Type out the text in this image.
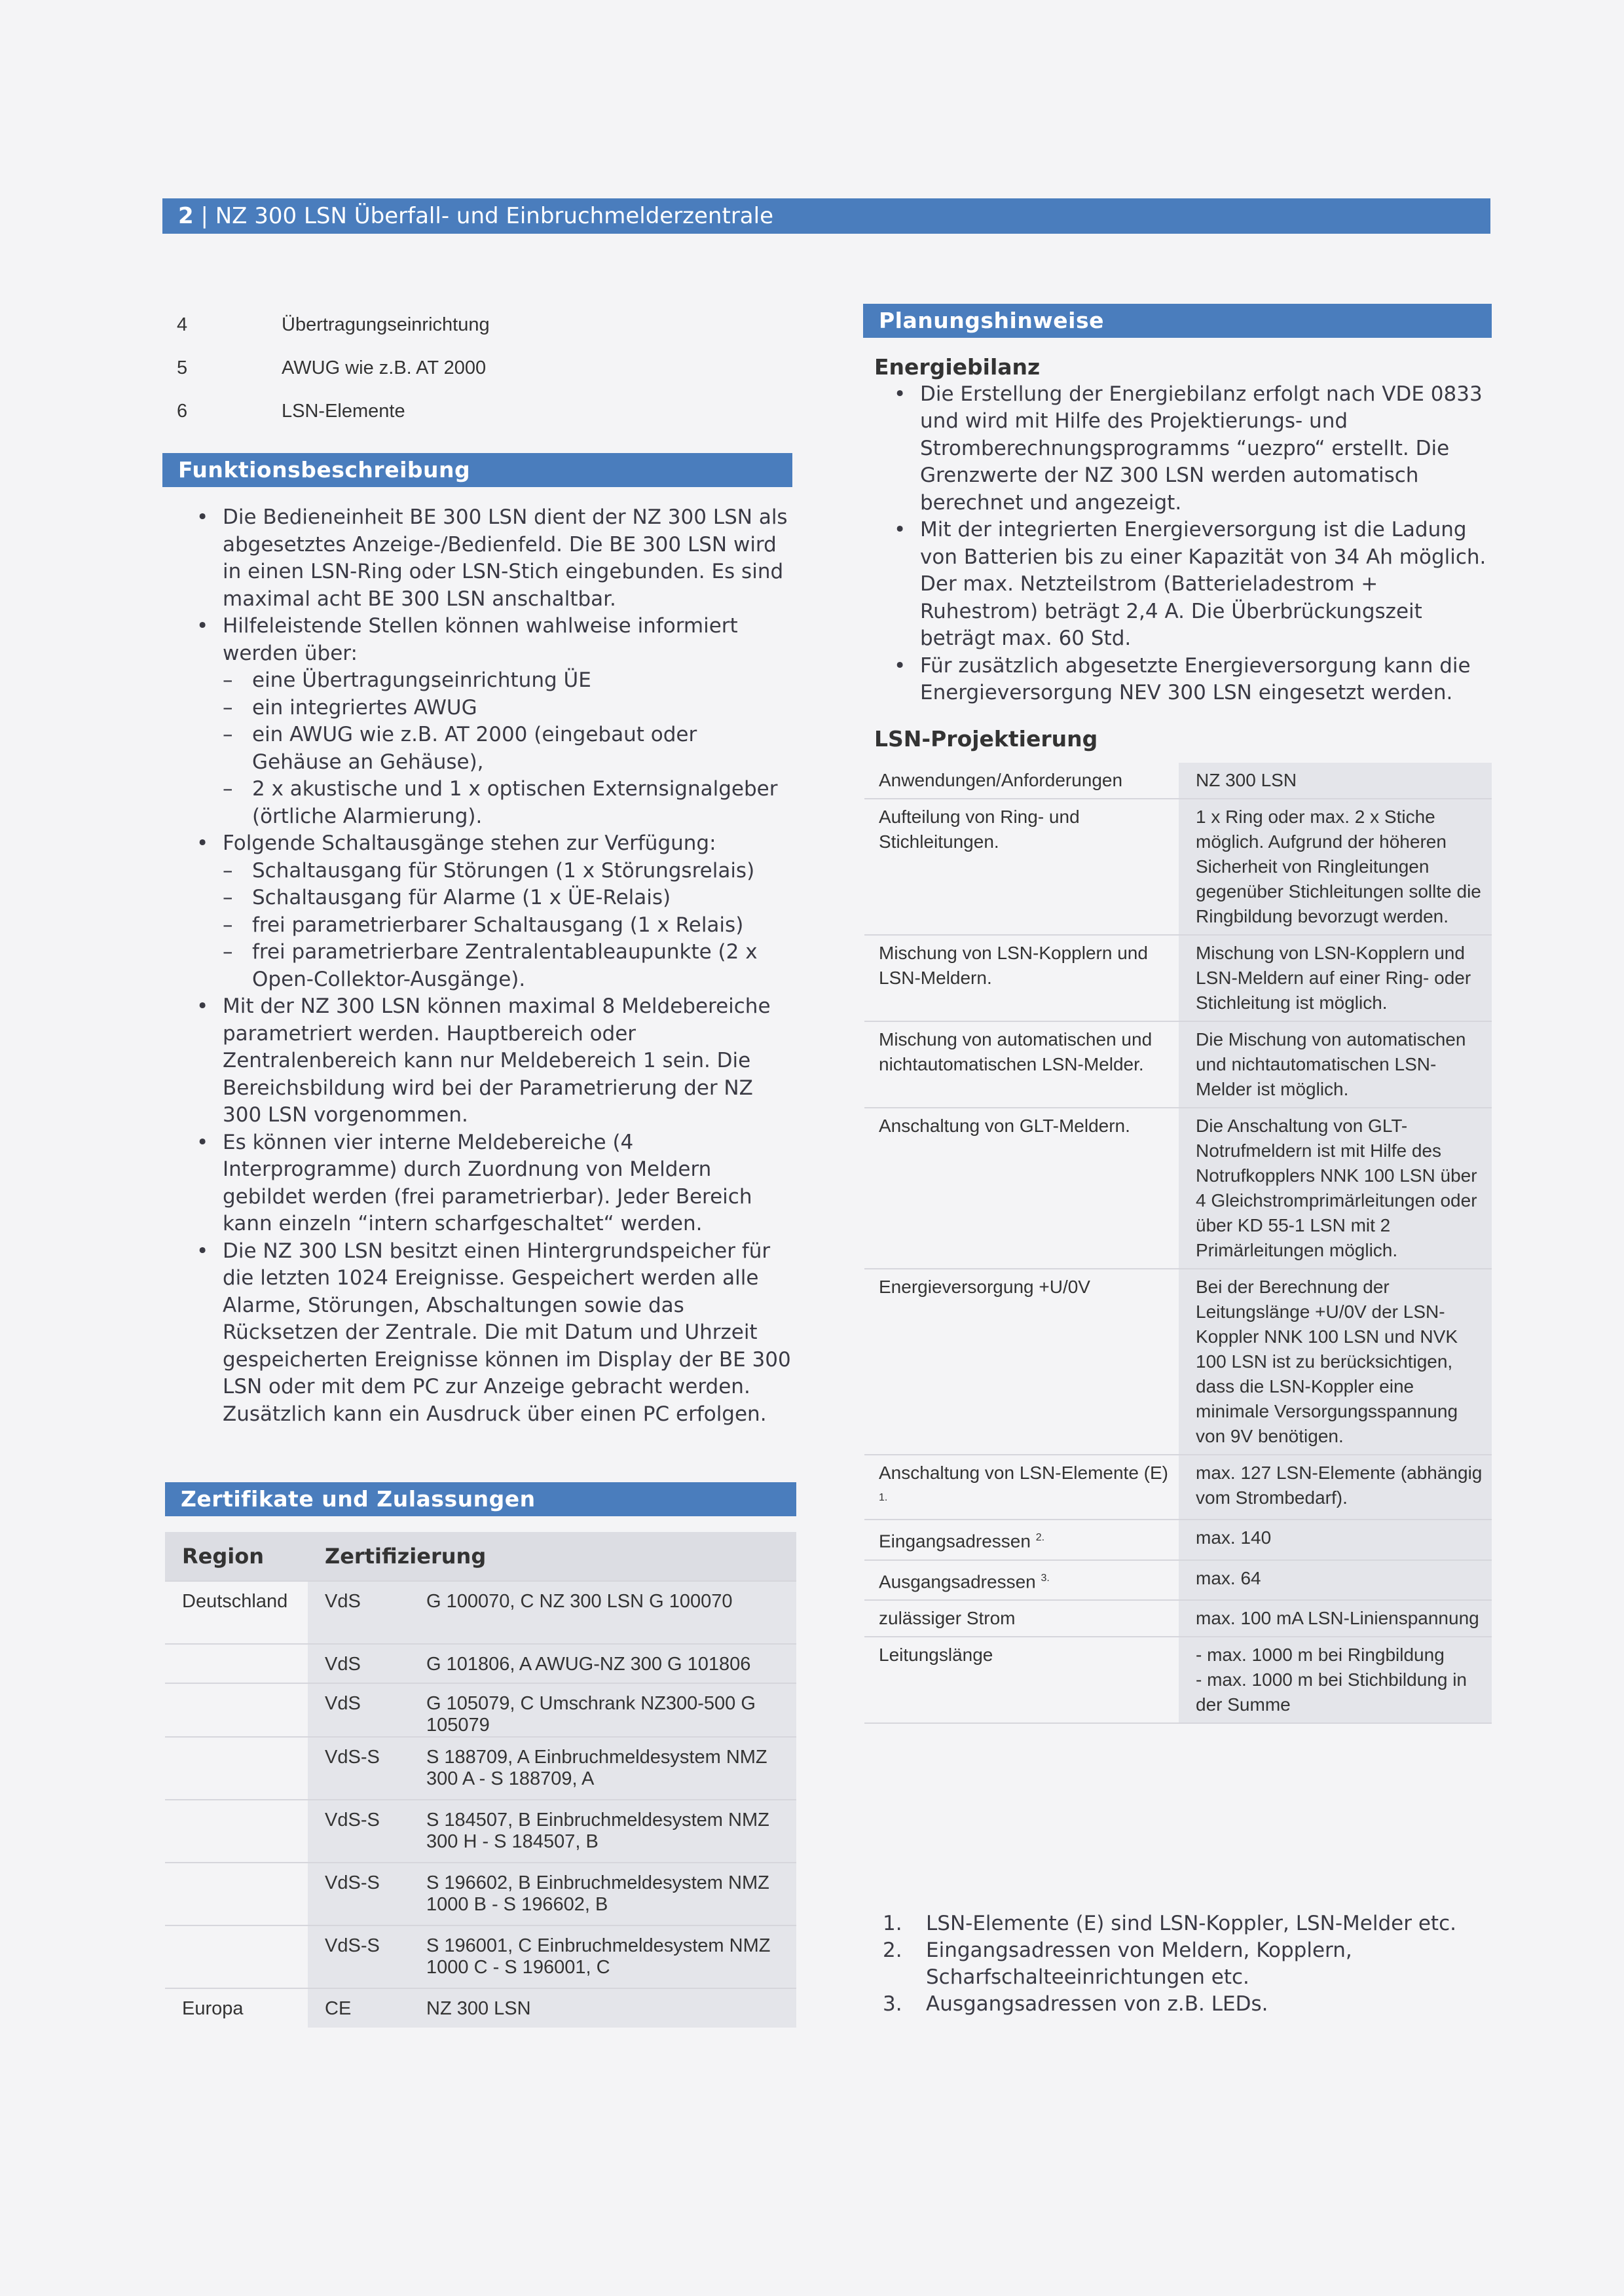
2 | NZ 300 LSN Überfall- und Einbruchmelderzentrale
4	Übertragungseinrichtung
5	AWUG wie z.B. AT 2000
6	LSN-Elemente
Funktionsbeschreibung
• Die Bedieneinheit BE 300 LSN dient der NZ 300 LSN als abgesetztes Anzeige-/Bedienfeld. Die BE 300 LSN wird in einen LSN-Ring oder LSN-Stich eingebunden. Es sind maximal acht BE 300 LSN anschaltbar.
• Hilfeleistende Stellen können wahlweise informiert werden über:
– eine Übertragungseinrichtung ÜE
– ein integriertes AWUG
– ein AWUG wie z.B. AT 2000 (eingebaut oder Gehäuse an Gehäuse),
– 2 x akustische und 1 x optischen Externsignalgeber (örtliche Alarmierung).
• Folgende Schaltausgänge stehen zur Verfügung:
– Schaltausgang für Störungen (1 x Störungsrelais)
– Schaltausgang für Alarme (1 x ÜE-Relais)
– frei parametrierbarer Schaltausgang (1 x Relais)
– frei parametrierbare Zentralentableaupunkte (2 x Open-Collektor-Ausgänge).
• Mit der NZ 300 LSN können maximal 8 Meldebereiche parametriert werden. Hauptbereich oder Zentralenbereich kann nur Meldebereich 1 sein. Die Bereichsbildung wird bei der Parametrierung der NZ 300 LSN vorgenommen.
• Es können vier interne Meldebereiche (4 Interprogramme) durch Zuordnung von Meldern gebildet werden (frei parametrierbar). Jeder Bereich kann einzeln “intern scharfgeschaltet“ werden.
• Die NZ 300 LSN besitzt einen Hintergrundspeicher für die letzten 1024 Ereignisse. Gespeichert werden alle Alarme, Störungen, Abschaltungen sowie das Rücksetzen der Zentrale. Die mit Datum und Uhrzeit gespeicherten Ereignisse können im Display der BE 300 LSN oder mit dem PC zur Anzeige gebracht werden. Zusätzlich kann ein Ausdruck über einen PC erfolgen.
Zertifikate und Zulassungen
Region	Zertifizierung	
Deutschland	VdS	G 100070, C NZ 300 LSN G 100070
	VdS	G 101806, A AWUG-NZ 300 G 101806
	VdS	G 105079, C Umschrank NZ300-500 G 105079
	VdS-S	S 188709, A Einbruchmeldesystem NMZ 300 A - S 188709, A
	VdS-S	S 184507, B Einbruchmeldesystem NMZ 300 H - S 184507, B
	VdS-S	S 196602, B Einbruchmeldesystem NMZ 1000 B - S 196602, B
	VdS-S	S 196001, C Einbruchmeldesystem NMZ 1000 C - S 196001, C
Europa	CE	NZ 300 LSN
Planungshinweise
Energiebilanz
• Die Erstellung der Energiebilanz erfolgt nach VDE 0833 und wird mit Hilfe des Projektierungs- und Stromberechnungsprogramms “uezpro“ erstellt. Die Grenzwerte der NZ 300 LSN werden automatisch berechnet und angezeigt.
• Mit der integrierten Energieversorgung ist die Ladung von Batterien bis zu einer Kapazität von 34 Ah möglich. Der max. Netzteilstrom (Batterieladestrom + Ruhestrom) beträgt 2,4 A. Die Überbrückungszeit beträgt max. 60 Std.
• Für zusätzlich abgesetzte Energieversorgung kann die Energieversorgung NEV 300 LSN eingesetzt werden.
LSN-Projektierung
Anwendungen/Anforderungen	NZ 300 LSN
Aufteilung von Ring- und Stichleitungen.	1 x Ring oder max. 2 x Stiche möglich. Aufgrund der höheren Sicherheit von Ringleitungen gegenüber Stichleitungen sollte die Ringbildung bevorzugt werden.
Mischung von LSN-Kopplern und LSN-Meldern.	Mischung von LSN-Kopplern und LSN-Meldern auf einer Ring- oder Stichleitung ist möglich.
Mischung von automatischen und nichtautomatischen LSN-Melder.	Die Mischung von automatischen und nichtautomatischen LSN-Melder ist möglich.
Anschaltung von GLT-Meldern.	Die Anschaltung von GLT-Notrufmeldern ist mit Hilfe des Notrufkopplers NNK 100 LSN über 4 Gleichstromprimärleitungen oder über KD 55-1 LSN mit 2 Primärleitungen möglich.
Energieversorgung +U/0V	Bei der Berechnung der Leitungslänge +U/0V der LSN-Koppler NNK 100 LSN und NVK 100 LSN ist zu berücksichtigen, dass die LSN-Koppler eine minimale Versorgungsspannung von 9V benötigen.
Anschaltung von LSN-Elemente (E) $^{1.}$	max. 127 LSN-Elemente (abhängig vom Strombedarf).
Eingangsadressen $^{2.}$	max. 140
Ausgangsadressen $^{3.}$	max. 64
zulässiger Strom	max. 100 mA LSN-Linienspannung
Leitungslänge	- max. 1000 m bei Ringbildung
- max. 1000 m bei Stichbildung in der Summe
1. LSN-Elemente (E) sind LSN-Koppler, LSN-Melder etc.
2. Eingangsadressen von Meldern, Kopplern, Scharfschalteeinrichtungen etc.
3. Ausgangsadressen von z.B. LEDs.
